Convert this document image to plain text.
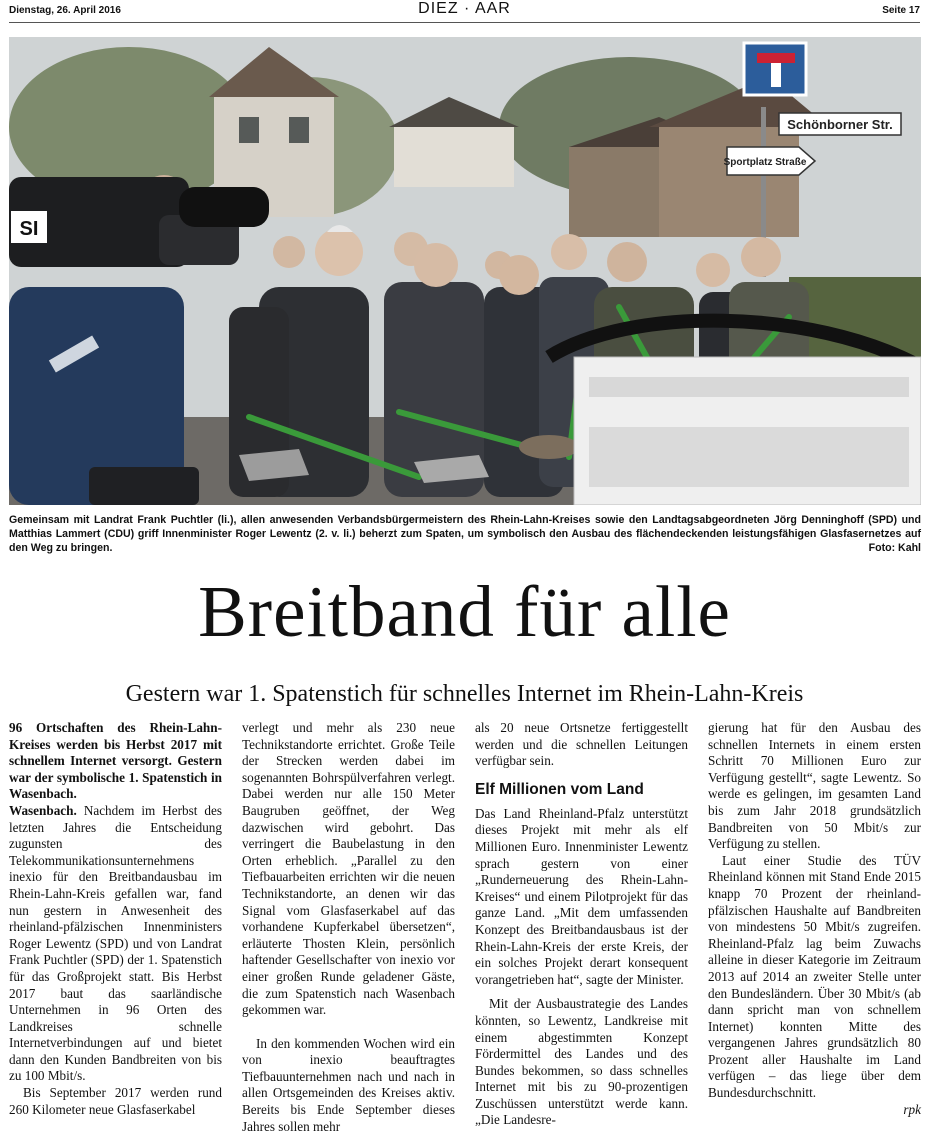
Dienstag, 26. April 2016	DIEZ · AAR	Seite 17
Schönborner Str.
Sportplatz Straße
SI
Gemeinsam mit Landrat Frank Puchtler (li.), allen anwesenden Verbandsbürgermeistern des Rhein-Lahn-Kreises sowie den Landtagsabgeordneten Jörg Denninghoff (SPD) und Matthias Lammert (CDU) griff Innenminister Roger Lewentz (2. v. li.) beherzt zum Spaten, um symbolisch den Ausbau des flächendeckenden leistungsfähigen Glasfasernetzes auf den Weg zu bringen.	Foto: Kahl
Breitband für alle
Gestern war 1. Spatenstich für schnelles Internet im Rhein-Lahn-Kreis

96 Ortschaften des Rhein-Lahn-Kreises werden bis Herbst 2017 mit schnellem Internet versorgt. Gestern war der symbolische 1. Spatenstich in Wasenbach.

Wasenbach. Nachdem im Herbst des letzten Jahres die Entscheidung zugunsten des Telekommunikationsunternehmens inexio für den Breitbandausbau im Rhein-Lahn-Kreis gefallen war, fand nun gestern in Anwesenheit des rheinland-pfälzischen Innenministers Roger Lewentz (SPD) und von Landrat Frank Puchtler (SPD) der 1. Spatenstich für das Großprojekt statt. Bis Herbst 2017 baut das saarländische Unternehmen in 96 Orten des Landkreises schnelle Internetverbindungen auf und bietet dann den Kunden Bandbreiten von bis zu 100 Mbit/s.

Bis September 2017 werden rund 260 Kilometer neue Glasfaserkabel

verlegt und mehr als 230 neue Technikstandorte errichtet. Große Teile der Strecken werden dabei im sogenannten Bohrspülverfahren verlegt. Dabei werden nur alle 150 Meter Baugruben geöffnet, der Weg dazwischen wird gebohrt. Das verringert die Baubelastung in den Orten erheblich. „Parallel zu den Tiefbauarbeiten errichten wir die neuen Technikstandorte, an denen wir das Signal vom Glasfaserkabel auf das vorhandene Kupferkabel übersetzen“, erläuterte Thosten Klein, persönlich haftender Gesellschafter von inexio vor einer großen Runde geladener Gäste, die zum Spatenstich nach Wasenbach gekommen war.

In den kommenden Wochen wird ein von inexio beauftragtes Tiefbauunternehmen nach und nach in allen Ortsgemeinden des Kreises aktiv. Bereits bis Ende September dieses Jahres sollen mehr

als 20 neue Ortsnetze fertiggestellt werden und die schnellen Leitungen verfügbar sein.

Elf Millionen vom Land

Das Land Rheinland-Pfalz unterstützt dieses Projekt mit mehr als elf Millionen Euro. Innenminister Lewentz sprach gestern von einer „Runderneuerung des Rhein-Lahn-Kreises“ und einem Pilotprojekt für das ganze Land. „Mit dem umfassenden Konzept des Breitbandausbaus ist der Rhein-Lahn-Kreis der erste Kreis, der ein solches Projekt derart konsequent vorangetrieben hat“, sagte der Minister.

Mit der Ausbaustrategie des Landes könnten, so Lewentz, Landkreise mit einem abgestimmten Konzept Fördermittel des Landes und des Bundes bekommen, so dass schnelles Internet mit bis zu 90-prozentigen Zuschüssen unterstützt werde kann. „Die Landesre-

gierung hat für den Ausbau des schnellen Internets in einem ersten Schritt 70 Millionen Euro zur Verfügung gestellt“, sagte Lewentz. So werde es gelingen, im gesamten Land bis zum Jahr 2018 grundsätzlich Bandbreiten von 50 Mbit/s zur Verfügung zu stellen.

Laut einer Studie des TÜV Rheinland können mit Stand Ende 2015 knapp 70 Prozent der rheinland-pfälzischen Haushalte auf Bandbreiten von mindestens 50 Mbit/s zugreifen. Rheinland-Pfalz lag beim Zuwachs alleine in dieser Kategorie im Zeitraum 2013 auf 2014 an zweiter Stelle unter den Bundesländern. Über 30 Mbit/s (ab dann spricht man von schnellem Internet) konnten Mitte des vergangenen Jahres grundsätzlich 80 Prozent aller Haushalte im Land verfügen – das liege über dem Bundesdurchschnitt.

rpk
